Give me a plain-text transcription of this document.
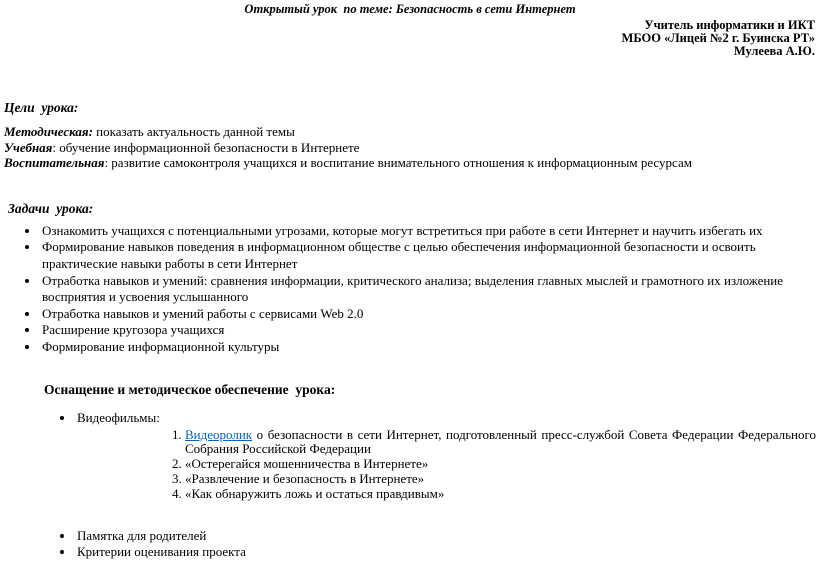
Открытый урок  по теме: Безопасность в сети Интернет
Учитель информатики и ИКТ
МБОО «Лицей №2 г. Буинска РТ»
Мулеева А.Ю.
Цели  урока:
Методическая: показать актуальность данной темы
Учебная: обучение информационной безопасности в Интернете
Воспитательная: развитие самоконтроля учащихся и воспитание внимательного отношения к информационным ресурсам
Задачи  урока:
• Ознакомить учащихся с потенциальными угрозами, которые могут встретиться при работе в сети Интернет и научить избегать их
• Формирование навыков поведения в информационном обществе с целью обеспечения информационной безопасности и освоить практические навыки работы в сети Интернет
• Отработка навыков и умений: сравнения информации, критического анализа; выделения главных мыслей и грамотного их изложение восприятия и усвоения услышанного
• Отработка навыков и умений работы с сервисами Web 2.0
• Расширение кругозора учащихся
• Формирование информационной культуры
Оснащение и методическое обеспечение  урока:
• Видеофильмы:
1. Видеоролик о безопасности в сети Интернет, подготовленный пресс-службой Совета Федерации Федерального Собрания Российской Федерации
2. «Остерегайся мошенничества в Интернете»
3. «Развлечение и безопасность в Интернете»
4. «Как обнаружить ложь и остаться правдивым»
• Памятка для родителей
• Критерии оценивания проекта
